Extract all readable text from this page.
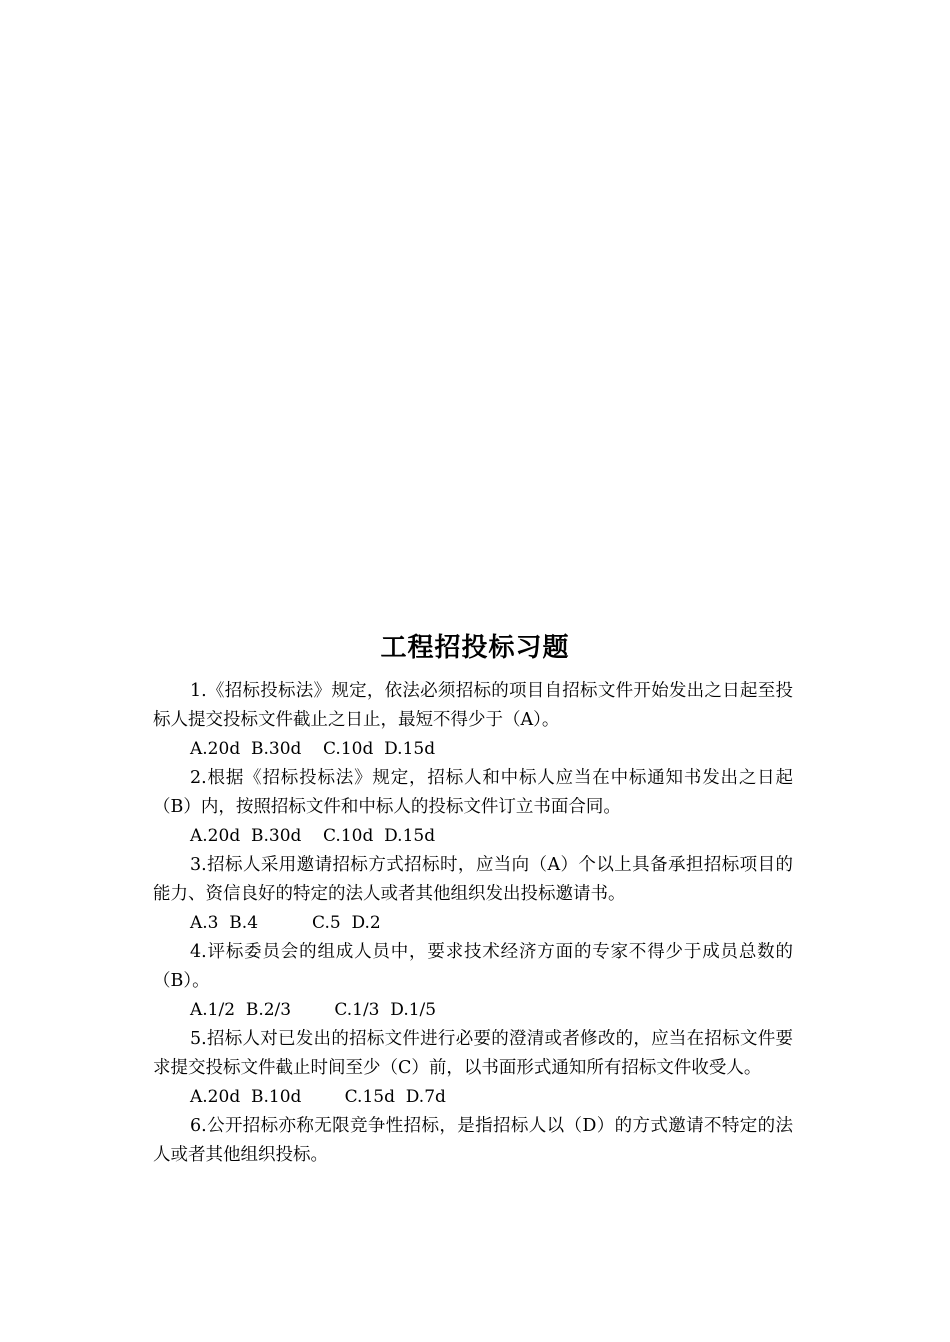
工程招投标习题

1.《招标投标法》规定，依法必须招标的项目自招标文件开始发出之日起至投标人提交投标文件截止之日止，最短不得少于（A）。

A.20d  B.30d    C.10d  D.15d

2.根据《招标投标法》规定，招标人和中标人应当在中标通知书发出之日起（B）内，按照招标文件和中标人的投标文件订立书面合同。

A.20d  B.30d    C.10d  D.15d

3.招标人采用邀请招标方式招标时，应当向（A）个以上具备承担招标项目的能力、资信良好的特定的法人或者其他组织发出投标邀请书。

A.3  B.4          C.5  D.2

4.评标委员会的组成人员中，要求技术经济方面的专家不得少于成员总数的（B）。

A.1/2  B.2/3        C.1/3  D.1/5

5.招标人对已发出的招标文件进行必要的澄清或者修改的，应当在招标文件要求提交投标文件截止时间至少（C）前，以书面形式通知所有招标文件收受人。

A.20d  B.10d        C.15d  D.7d

6.公开招标亦称无限竞争性招标，是指招标人以（D）的方式邀请不特定的法人或者其他组织投标。
